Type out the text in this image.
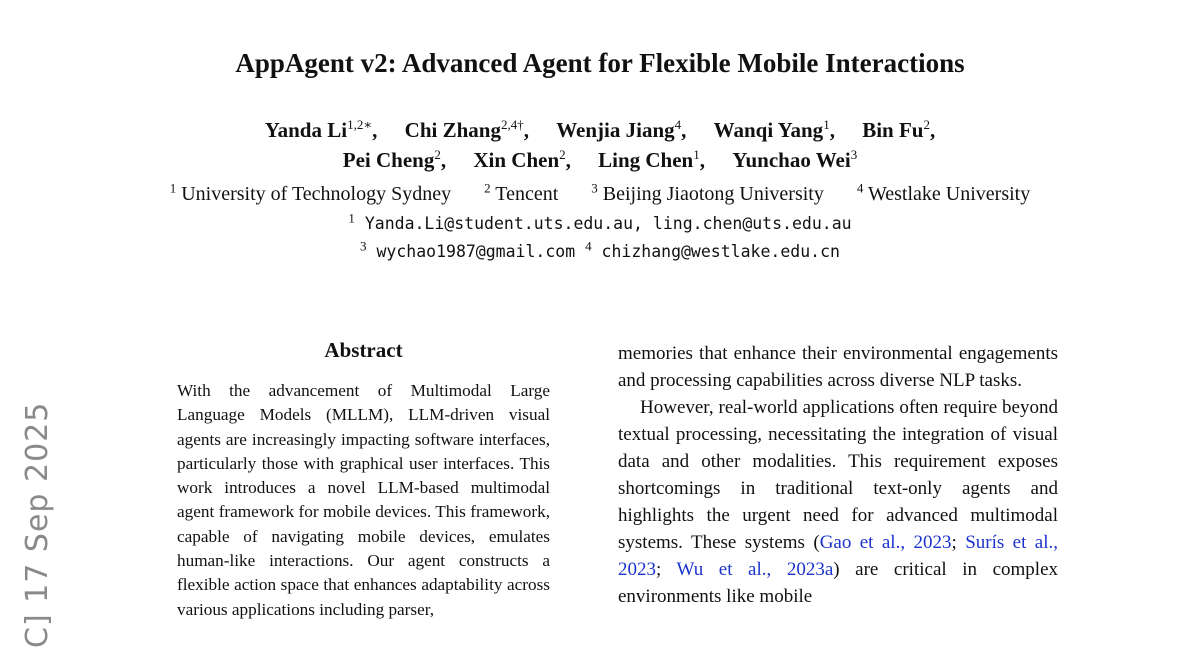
AppAgent v2: Advanced Agent for Flexible Mobile Interactions
Yanda $Li^{1,2∗}$, Chi Zhang$^{2,4\dagger}$, Wenjia Jiang$^4$, Wanqi Yang$^1$, Bin Fu$^2$,
Pei Cheng$^2$, Xin Chen$^2$, Ling Chen$^1$, Yunchao Wei$^3$
$^1$ University of Technology Sydney	$^2$ Tencent	$^3$ Beijing Jiaotong University	$^4$ Westlake University
$^1$ Yanda.Li@student.uts.edu.au, ling.chen@uts.edu.au
$^3$ wychao1987@gmail.com $^4$ chizhang@westlake.edu.cn
C] 17 Sep 2025
Abstract
With the advancement of Multimodal Large Language Models (MLLM), LLM-driven visual agents are increasingly impacting software interfaces, particularly those with graphical user interfaces. This work introduces a novel LLM-based multimodal agent framework for mobile devices. This framework, capable of navigating mobile devices, emulates human-like interactions. Our agent constructs a flexible action space that enhances adaptability across various applications including parser,

memories that enhance their environmental engagements and processing capabilities across diverse NLP tasks.

However, real-world applications often require beyond textual processing, necessitating the integration of visual data and other modalities. This requirement exposes shortcomings in traditional text-only agents and highlights the urgent need for advanced multimodal systems. These systems (Gao et al., 2023; Surís et al., 2023; Wu et al., 2023a) are critical in complex environments like mobile
